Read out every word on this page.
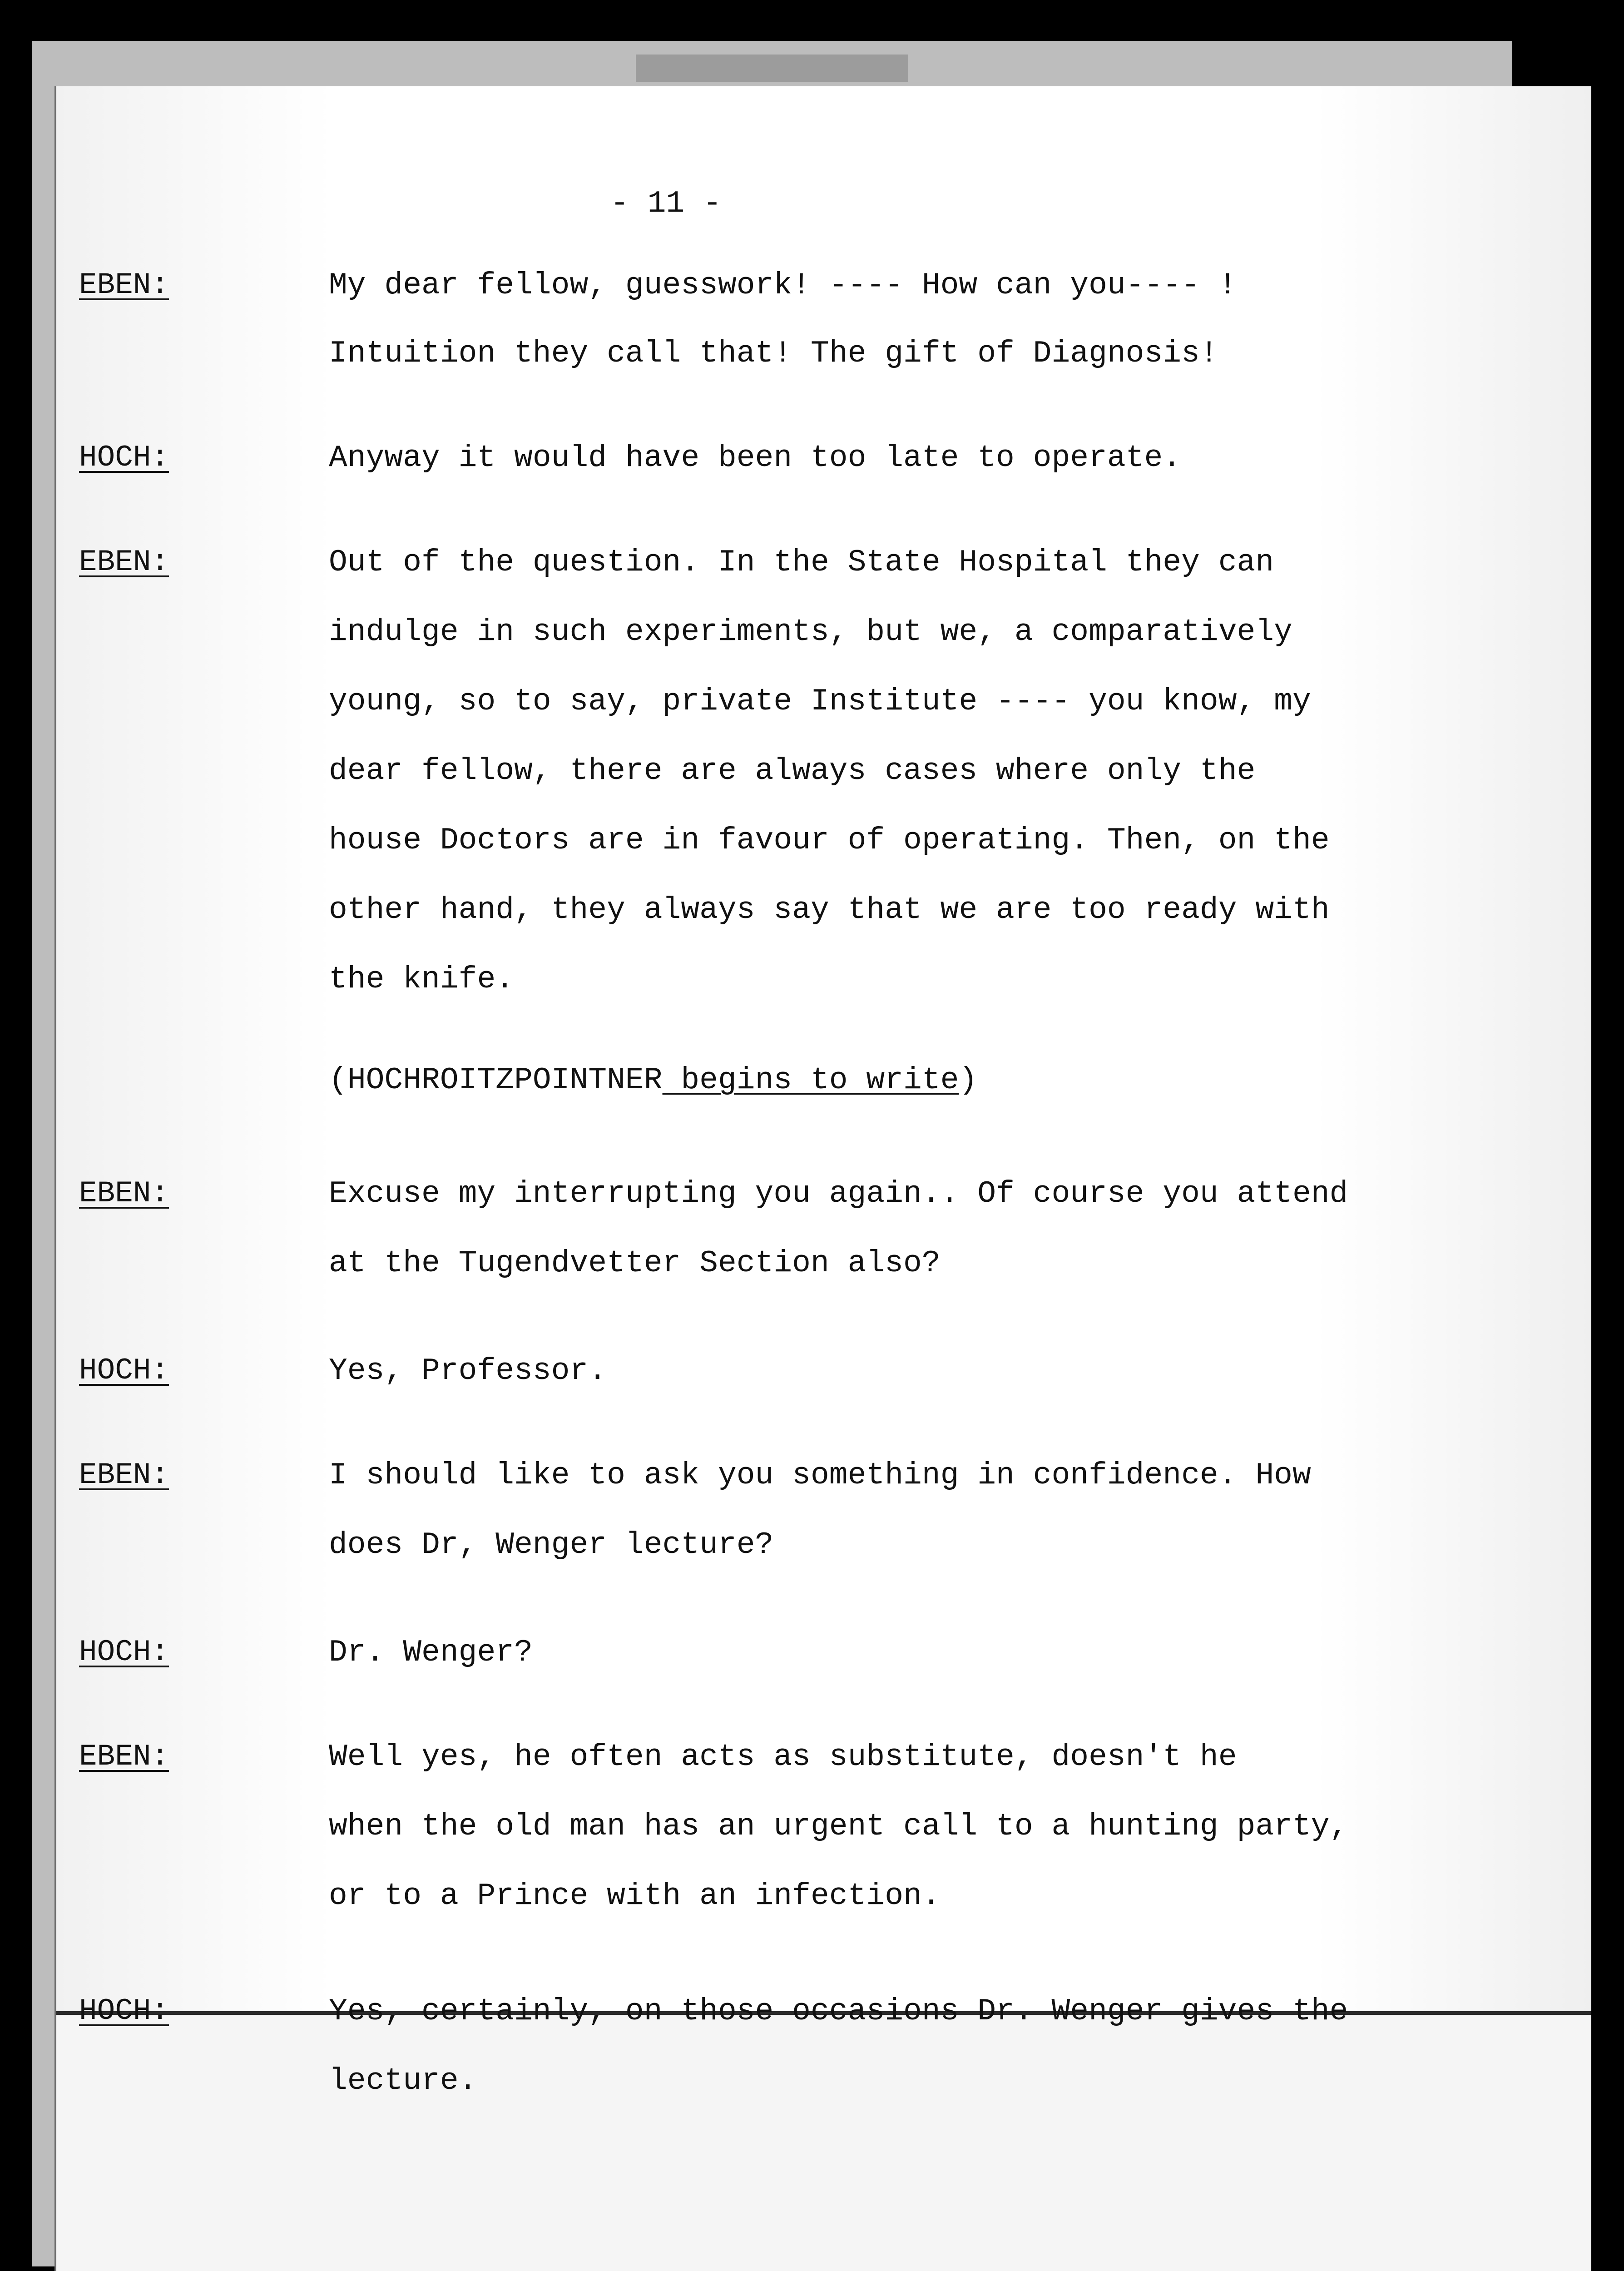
- 11 -
EBEN:	My dear fellow, guesswork! ---- How can you---- !
Intuition they call that! The gift of Diagnosis!
HOCH:	Anyway it would have been too late to operate.
EBEN:	Out of the question. In the State Hospital they can
indulge in such experiments, but we, a comparatively
young, so to say, private Institute ---- you know, my
dear fellow, there are always cases where only the
house Doctors are in favour of operating. Then, on the
other hand, they always say that we are too ready with
the knife.
(HOCHROITZPOINTNER begins to write)
EBEN:	Excuse my interrupting you again.. Of course you attend
at the Tugendvetter Section also?
HOCH:	Yes, Professor.
EBEN:	I should like to ask you something in confidence. How
does Dr, Wenger lecture?
HOCH:	Dr. Wenger?
EBEN:	Well yes, he often acts as substitute, doesn't he
when the old man has an urgent call to a hunting party,
or to a Prince with an infection.
HOCH:	Yes, certainly, on those occasions Dr. Wenger gives the
lecture.
